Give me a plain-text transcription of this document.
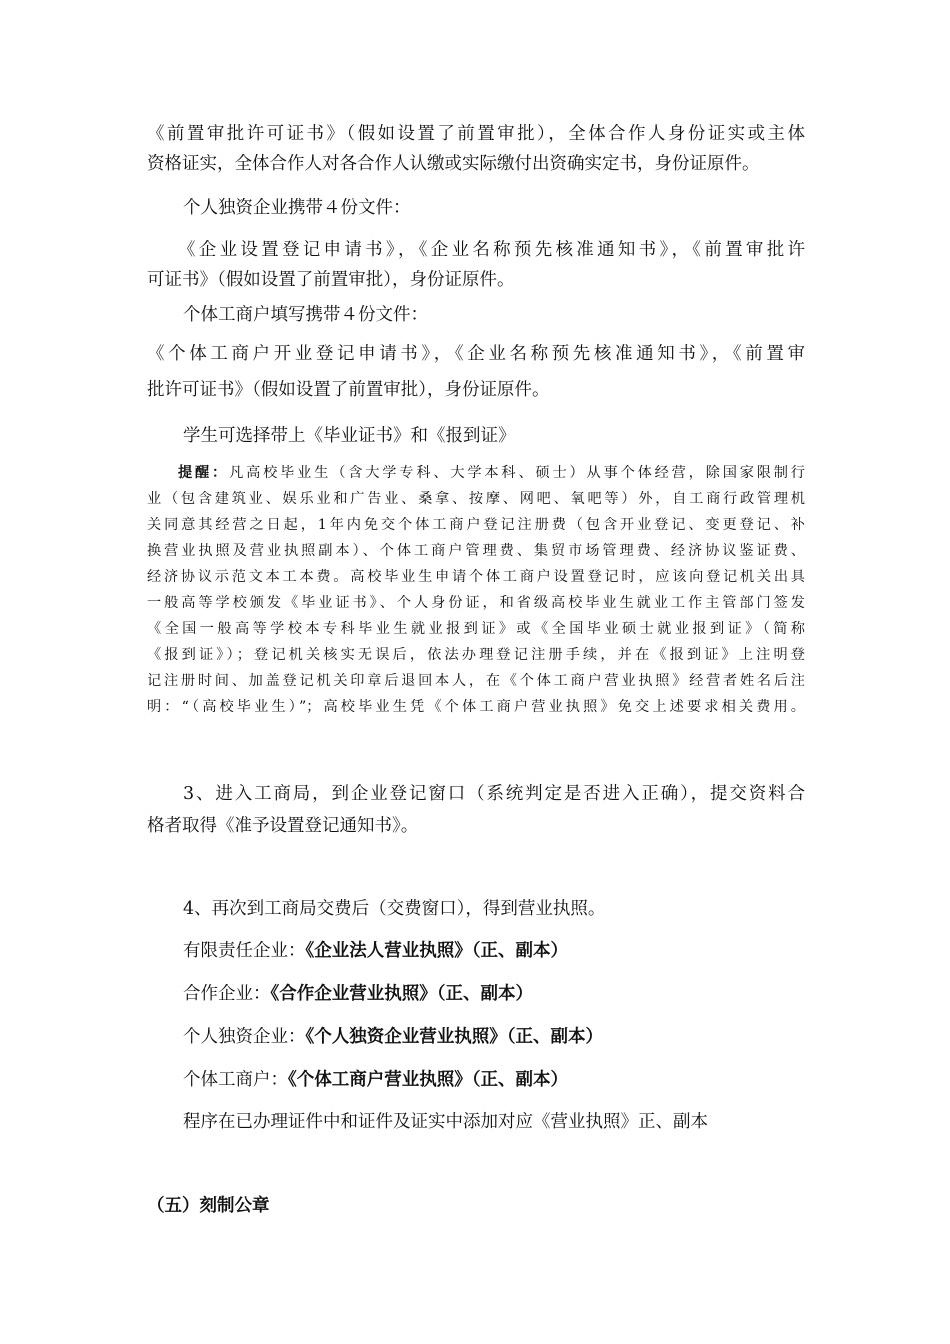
《前置审批许可证书》（假如设置了前置审批），全体合作人身份证实或主体
资格证实，全体合作人对各合作人认缴或实际缴付出资确实定书，身份证原件。
个人独资企业携带４份文件：
《企业设置登记申请书》，《企业名称预先核准通知书》，《前置审批许
可证书》（假如设置了前置审批），身份证原件。
个体工商户填写携带４份文件：
《个体工商户开业登记申请书》，《企业名称预先核准通知书》，《前置审
批许可证书》（假如设置了前置审批），身份证原件。
学生可选择带上《毕业证书》和《报到证》
提醒：凡高校毕业生（含大学专科、大学本科、硕士）从事个体经营，除国家限制行
业（包含建筑业、娱乐业和广告业、桑拿、按摩、网吧、氧吧等）外，自工商行政管理机
关同意其经营之日起，1年内免交个体工商户登记注册费（包含开业登记、变更登记、补
换营业执照及营业执照副本）、个体工商户管理费、集贸市场管理费、经济协议鉴证费、
经济协议示范文本工本费。高校毕业生申请个体工商户设置登记时，应该向登记机关出具
一般高等学校颁发《毕业证书》、个人身份证，和省级高校毕业生就业工作主管部门签发
《全国一般高等学校本专科毕业生就业报到证》或《全国毕业硕士就业报到证》（简称
《报到证》）；登记机关核实无误后，依法办理登记注册手续，并在《报到证》上注明登
记注册时间、加盖登记机关印章后退回本人，在《个体工商户营业执照》经营者姓名后注
明：“（高校毕业生）”；高校毕业生凭《个体工商户营业执照》免交上述要求相关费用。
3、进入工商局，到企业登记窗口（系统判定是否进入正确），提交资料合
格者取得《准予设置登记通知书》。
4、再次到工商局交费后（交费窗口），得到营业执照。
有限责任企业：《企业法人营业执照》（正、副本）
合作企业：《合作企业营业执照》（正、副本）
个人独资企业：《个人独资企业营业执照》（正、副本）
个体工商户：《个体工商户营业执照》（正、副本）
程序在已办理证件中和证件及证实中添加对应《营业执照》正、副本
（五）刻制公章
